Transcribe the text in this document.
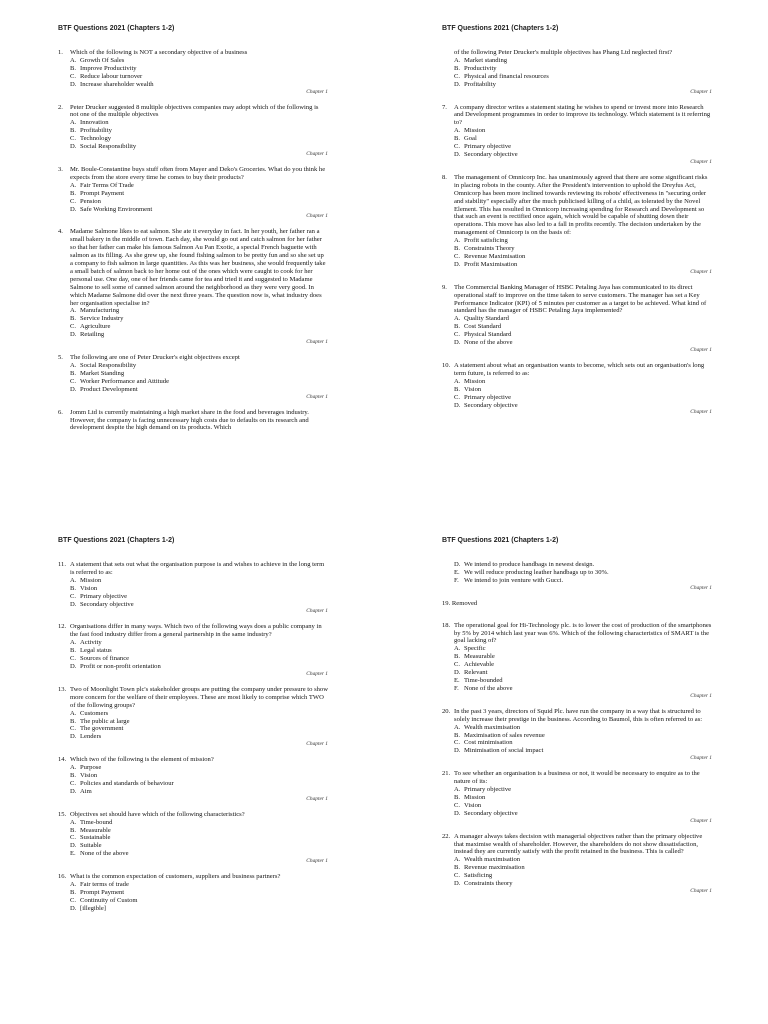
BTF Questions 2021 (Chapters 1-2)
1.	Which of the following is NOT a secondary objective of a business
A. Growth Of Sales
B. Improve Productivity
C. Reduce labour turnover
D. Increase shareholder wealth
Chapter 1
2.	Peter Drucker suggested 8 multiple objectives companies may adopt which of the following is not one of the multiple objectives
A. Innovation
B. Profitability
C. Technology
D. Social Responsibility
Chapter 1
3.	Mr. Boule-Constantine buys stuff often from Mayer and Deko's Groceries. What do you think he expects from the store every time he comes to buy their products?
A. Fair Terms Of Trade
B. Prompt Payment
C. Pension
D. Safe Working Environment
Chapter 1
4.	Madame Salmone likes to eat salmon. She ate it everyday in fact. In her youth, her father ran a small bakery in the middle of town. Each day, she would go out and catch salmon for her father so that her father can make his famous Salmon Au Pan Exotic, a special French baguette with salmon as its filling. As she grew up, she found fishing salmon to be pretty fun and so she set up a company to fish salmon in large quantities. As this was her business, she would frequently take a small batch of salmon back to her home out of the ones which were caught to cook for her personal use. One day, one of her friends came for tea and tried it and suggested to Madame Salmone to sell some of canned salmon around the neighborhood as they were very good. In which Madame Salmone did over the next three years. The question now is, what industry does her organisation specialise in?
A. Manufacturing
B. Service Industry
C. Agriculture
D. Retailing
Chapter 1
5.	The following are one of Peter Drucker's eight objectives except
A. Social Responsibility
B. Market Standing
C. Worker Performance and Attitude
D. Product Development
Chapter 1
6.	Jomm Ltd is currently maintaining a high market share in the food and beverages industry. However, the company is facing unnecessary high costs due to defaults on its research and development despite the high demand on its products. Which
BTF Questions 2021 (Chapters 1-2)
of the following Peter Drucker's multiple objectives has Phang Ltd neglected first?
A. Market standing
B. Productivity
C. Physical and financial resources
D. Profitability
Chapter 1
7.	A company director writes a statement stating he wishes to spend or invest more into Research and Development programmes in order to improve its technology. Which statement is it referring to?
A. Mission
B. Goal
C. Primary objective
D. Secondary objective
Chapter 1
8.	The management of Omnicorp Inc. has unanimously agreed that there are some significant risks in placing robots in the county. After the President's intervention to uphold the Dreyfus Act, Omnicorp has been more inclined towards reviewing its robots' effectiveness in "securing order and stability" especially after the much publicised killing of a child, as tolerated by the Novel Element. This has resulted in Omnicorp increasing spending for Research and Development so that such an event is rectified once again, which would be capable of shutting down their operations. This move has also led to a fall in profits recently. The decision undertaken by the management of Omnicorp is on the basis of:
A. Profit satisficing
B. Constraints Theory
C. Revenue Maximisation
D. Profit Maximisation
Chapter 1
9.	The Commercial Banking Manager of HSBC Petaling Jaya has communicated to its direct operational staff to improve on the time taken to serve customers. The manager has set a Key Performance Indicator (KPI) of 5 minutes per customer as a target to be achieved. What kind of standard has the manager of HSBC Petaling Jaya implemented?
A. Quality Standard
B. Cost Standard
C. Physical Standard
D. None of the above
Chapter 1
10. A statement about what an organisation wants to become, which sets out an organisation's long term future, is referred to as:
A. Mission
B. Vision
C. Primary objective
D. Secondary objective
Chapter 1
BTF Questions 2021 (Chapters 1-2)
11. A statement that sets out what the organisation purpose is and wishes to achieve in the long term is referred to as:
A. Mission
B. Vision
C. Primary objective
D. Secondary objective
Chapter 1
12. Organisations differ in many ways. Which two of the following ways does a public company in the fast food industry differ from a general partnership in the same industry?
A. Activity
B. Legal status
C. Sources of finance
D. Profit or non-profit orientation
Chapter 1
13. Two of Moonlight Town plc's stakeholder groups are putting the company under pressure to show more concern for the welfare of their employees. These are most likely to comprise which TWO of the following groups?
A. Customers
B. The public at large
C. The government
D. Lenders
Chapter 1
14. Which two of the following is the element of mission?
A. Purpose
B. Vision
C. Policies and standards of behaviour
D. Aim
Chapter 1
15. Objectives set should have which of the following characteristics?
A. Time-bound
B. Measurable
C. Sustainable
D. Suitable
E. None of the above
Chapter 1
16. What is the common expectation of customers, suppliers and business partners?
A. Fair terms of trade
B. Prompt Payment
C. Continuity of Custom
D. [illegible]
BTF Questions 2021 (Chapters 1-2)
D. We intend to produce handbags in newest design.
E. We will reduce producing leather handbags up to 30%.
F. We intend to join venture with Gucci.
Chapter 1
19. Removed
18. The operational goal for Hi-Technology plc. is to lower the cost of production of the smartphones by 5% by 2014 which last year was 6%. Which of the following characteristics of SMART is the goal lacking of?
A. Specific
B. Measurable
C. Achievable
D. Relevant
E. Time-bounded
F. None of the above
Chapter 1
20. In the past 3 years, directors of Squid Plc. have run the company in a way that is structured to solely increase their prestige in the business. According to Baumol, this is often referred to as:
A. Wealth maximisation
B. Maximisation of sales revenue
C. Cost minimisation
D. Minimisation of social impact
Chapter 1
21. To see whether an organisation is a business or not, it would be necessary to enquire as to the nature of its:
A. Primary objective
B. Mission
C. Vision
D. Secondary objective
Chapter 1
22. A manager always takes decision with managerial objectives rather than the primary objective that maximise wealth of shareholder. However, the shareholders do not show dissatisfaction, instead they are currently satisfy with the profit retained in the business. This is called?
A. Wealth maximisation
B. Revenue maximisation
C. Satisficing
D. Constraints theory
Chapter 1
